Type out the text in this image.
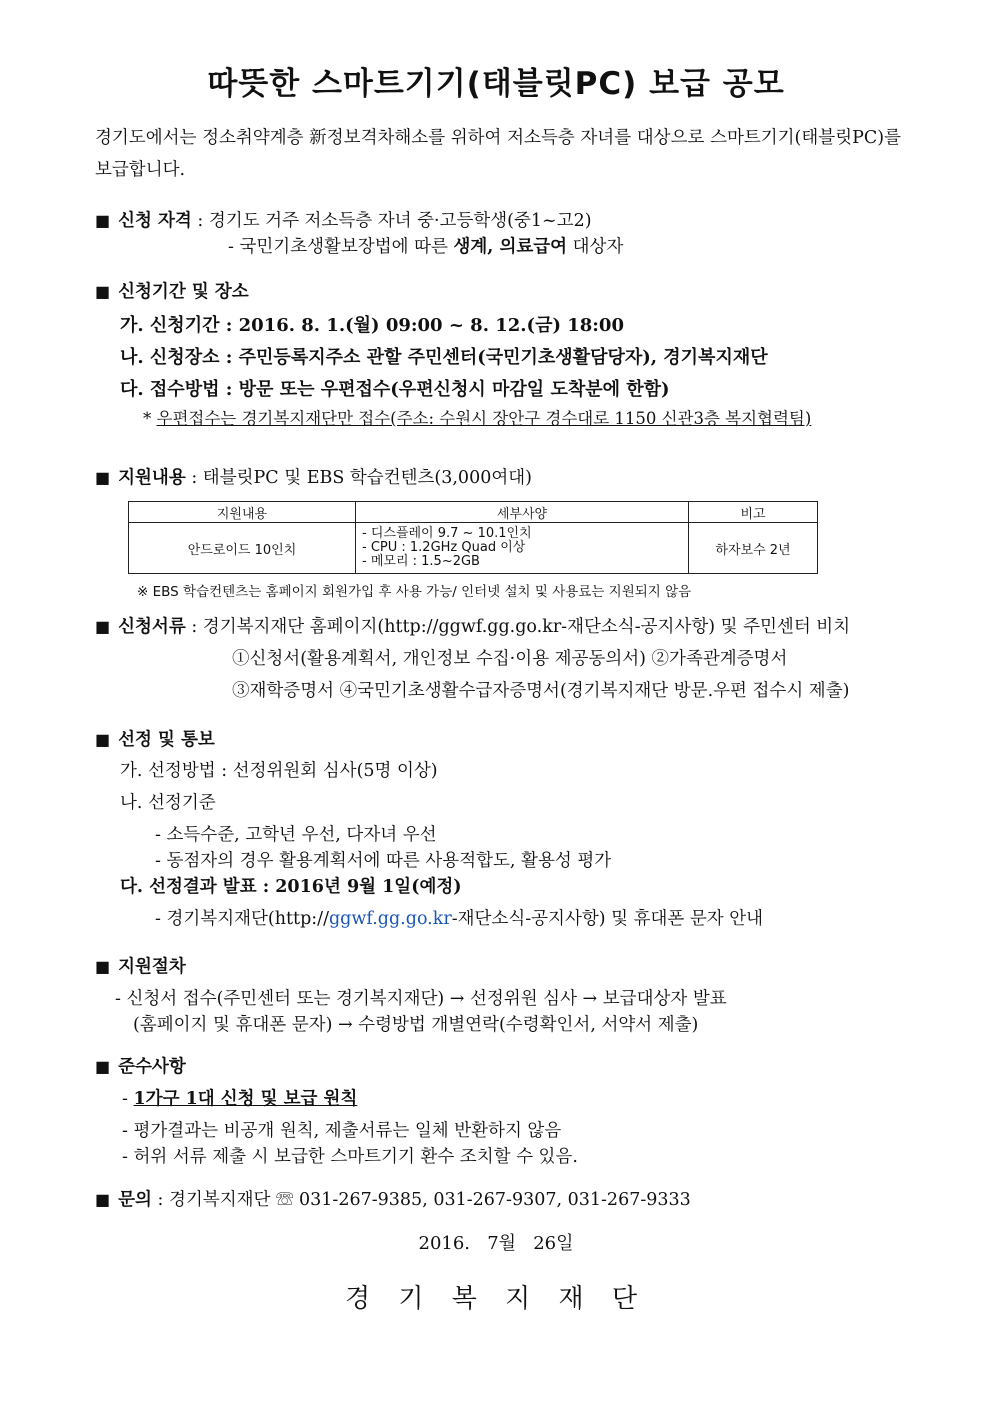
따뜻한 스마트기기(태블릿PC) 보급 공모
경기도에서는 정소취약계층 新정보격차해소를 위하여 저소득층 자녀를 대상으로 스마트기기(태블릿PC)를 보급합니다.
■ 신청 자격 : 경기도 거주 저소득층 자녀 중·고등학생(중1~고2)
- 국민기초생활보장법에 따른 생계, 의료급여 대상자
■ 신청기간 및 장소
가. 신청기간 : 2016. 8. 1.(월) 09:00 ~ 8. 12.(금) 18:00
나. 신청장소 : 주민등록지주소 관할 주민센터(국민기초생활담당자), 경기복지재단
다. 접수방법 : 방문 또는 우편접수(우편신청시 마감일 도착분에 한함)
* 우편접수는 경기복지재단만 접수(주소: 수원시 장안구 경수대로 1150 신관3층 복지협력팀)
■ 지원내용 : 태블릿PC 및 EBS 학습컨텐츠(3,000여대)
지원내용	세부사양	비고
안드로이드 10인치	- 디스플레이 9.7 ~ 10.1인치
- CPU : 1.2GHz Quad 이상
- 메모리 : 1.5~2GB	하자보수 2년
※ EBS 학습컨텐츠는 홈페이지 회원가입 후 사용 가능/ 인터넷 설치 및 사용료는 지원되지 않음
■ 신청서류 : 경기복지재단 홈페이지(http://ggwf.gg.go.kr-재단소식-공지사항) 및 주민센터 비치
①신청서(활용계획서, 개인정보 수집·이용 제공동의서) ②가족관계증명서
③재학증명서 ④국민기초생활수급자증명서(경기복지재단 방문.우편 접수시 제출)
■ 선정 및 통보
가. 선정방법 : 선정위원회 심사(5명 이상)
나. 선정기준
- 소득수준, 고학년 우선, 다자녀 우선
- 동점자의 경우 활용계획서에 따른 사용적합도, 활용성 평가
다. 선정결과 발표 : 2016년 9월 1일(예정)
- 경기복지재단(http://ggwf.gg.go.kr-재단소식-공지사항) 및 휴대폰 문자 안내
■ 지원절차
- 신청서 접수(주민센터 또는 경기복지재단) → 선정위원 심사 → 보급대상자 발표
(홈페이지 및 휴대폰 문자) → 수령방법 개별연락(수령확인서, 서약서 제출)
■ 준수사항
- 1가구 1대 신청 및 보급 원칙
- 평가결과는 비공개 원칙, 제출서류는 일체 반환하지 않음
- 허위 서류 제출 시 보급한 스마트기기 환수 조치할 수 있음.
■ 문의 : 경기복지재단 ☏ 031-267-9385, 031-267-9307, 031-267-9333
2016.   7월   26일
경 기 복 지 재 단
